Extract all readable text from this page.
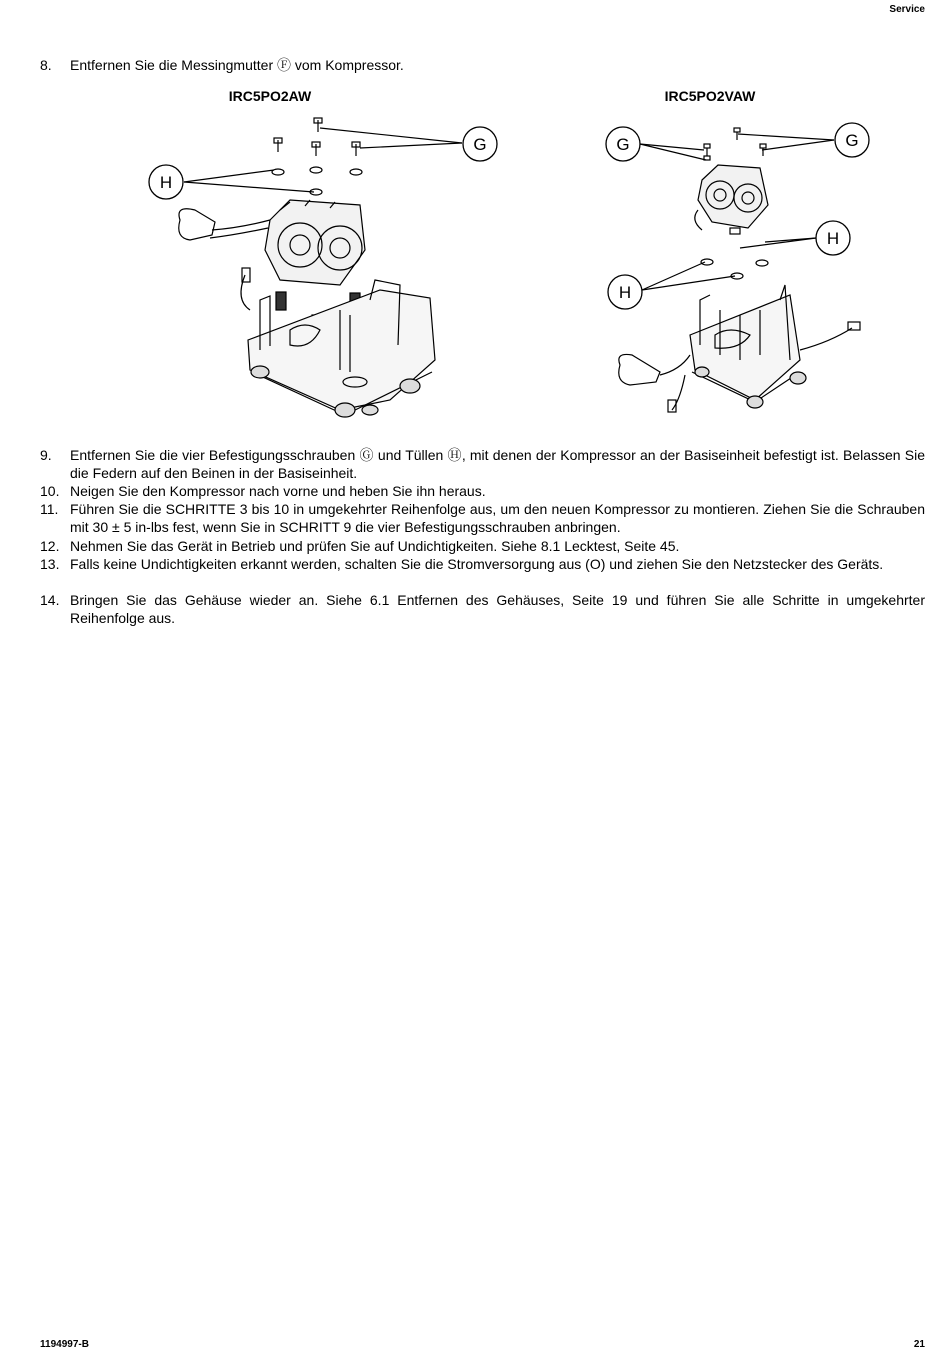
Service
8. Entfernen Sie die Messingmutter Ⓕ vom Kompressor.
IRC5PO2AW	IRC5PO2VAW
G
H
G	G
H
H
9. Entfernen Sie die vier Befestigungsschrauben Ⓖ und Tüllen Ⓗ, mit denen der Kompressor an der Basiseinheit befestigt ist. Belassen Sie die Federn auf den Beinen in der Basiseinheit.
10. Neigen Sie den Kompressor nach vorne und heben Sie ihn heraus.
11. Führen Sie die SCHRITTE 3 bis 10 in umgekehrter Reihenfolge aus, um den neuen Kompressor zu montieren. Ziehen Sie die Schrauben mit 30 ± 5 in-lbs fest, wenn Sie in SCHRITT 9 die vier Befestigungsschrauben anbringen.
12. Nehmen Sie das Gerät in Betrieb und prüfen Sie auf Undichtigkeiten. Siehe 8.1 Lecktest, Seite 45.
13. Falls keine Undichtigkeiten erkannt werden, schalten Sie die Stromversorgung aus (O) und ziehen Sie den Netzstecker des Geräts.
14. Bringen Sie das Gehäuse wieder an. Siehe 6.1 Entfernen des Gehäuses, Seite 19 und führen Sie alle Schritte in umgekehrter Reihenfolge aus.
1194997-B	21
